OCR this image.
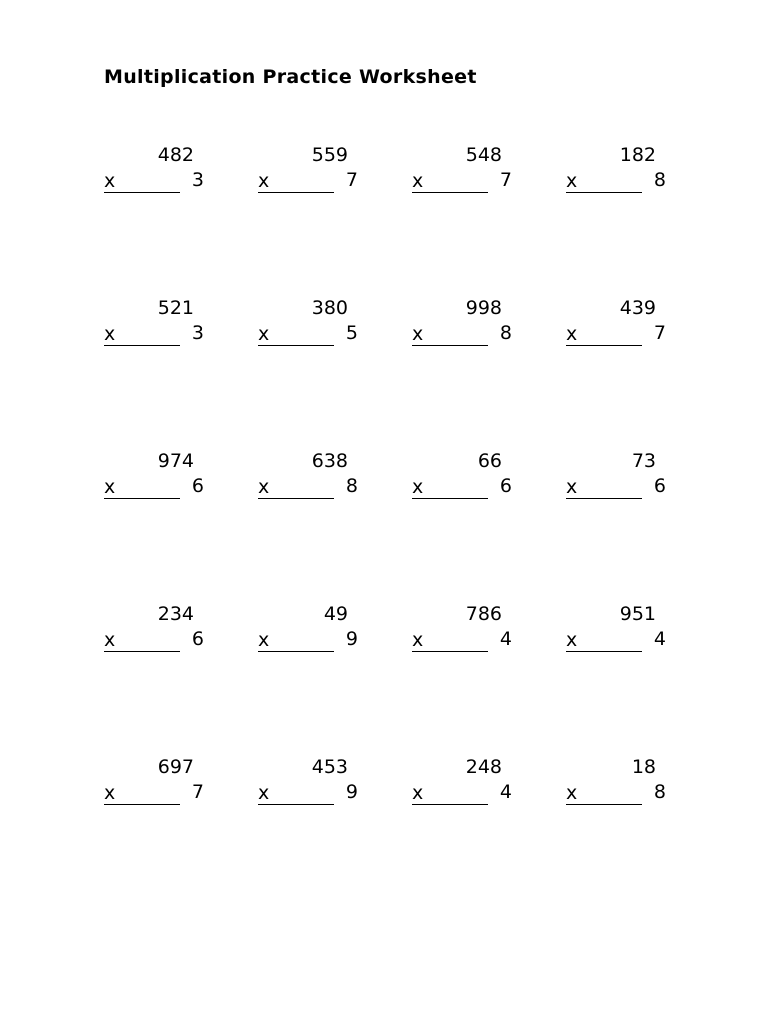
Multiplication Practice Worksheet
482
x	3
559
x	7
548
x	7
182
x	8
521
x	3
380
x	5
998
x	8
439
x	7
974
x	6
638
x	8
66
x	6
73
x	6
234
x	6
49
x	9
786
x	4
951
x	4
697
x	7
453
x	9
248
x	4
18
x	8
